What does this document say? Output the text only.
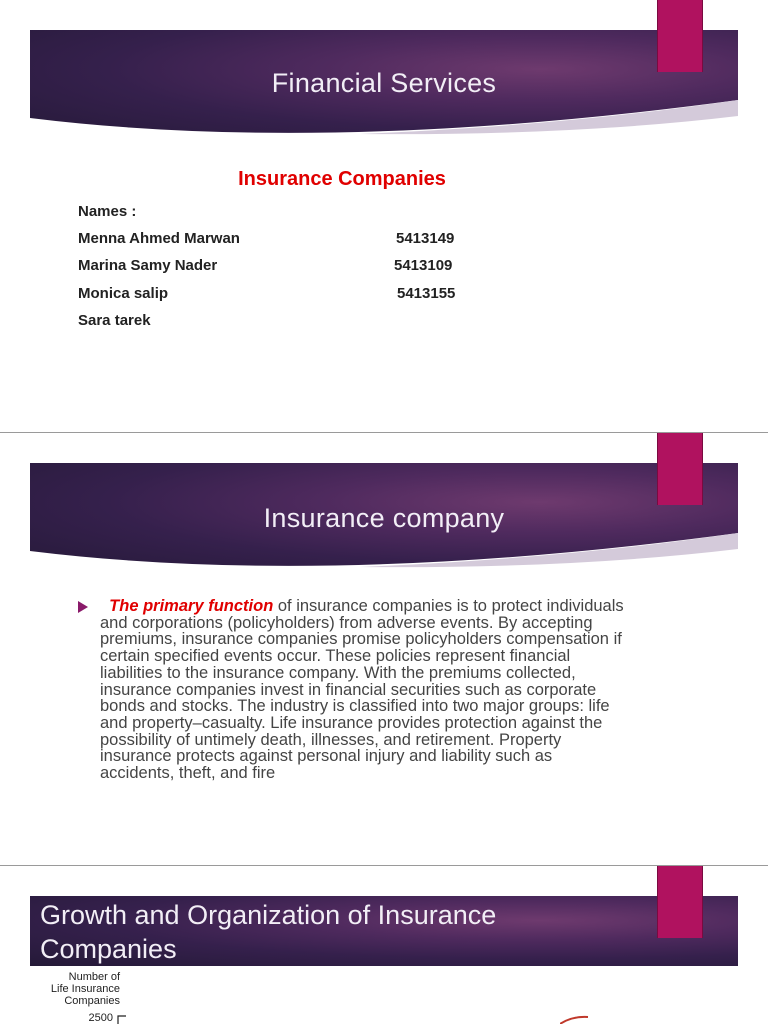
Financial Services
Insurance Companies
Names :
Menna Ahmed Marwan	5413149
Marina Samy Nader	5413109
Monica salip	5413155
Sara tarek
Insurance company
The primary function of insurance companies is to protect individuals and corporations (policyholders) from adverse events. By accepting premiums, insurance companies promise policyholders compensation if certain specified events occur. These policies represent financial liabilities to the insurance company. With the premiums collected, insurance companies invest in financial securities such as corporate bonds and stocks. The industry is classified into two major groups: life and property–casualty. Life insurance provides protection against the possibility of untimely death, illnesses, and retirement. Property insurance protects against personal injury and liability such as accidents, theft, and fire
Growth and Organization of Insurance Companies
Number of
Life Insurance
Companies
2500
